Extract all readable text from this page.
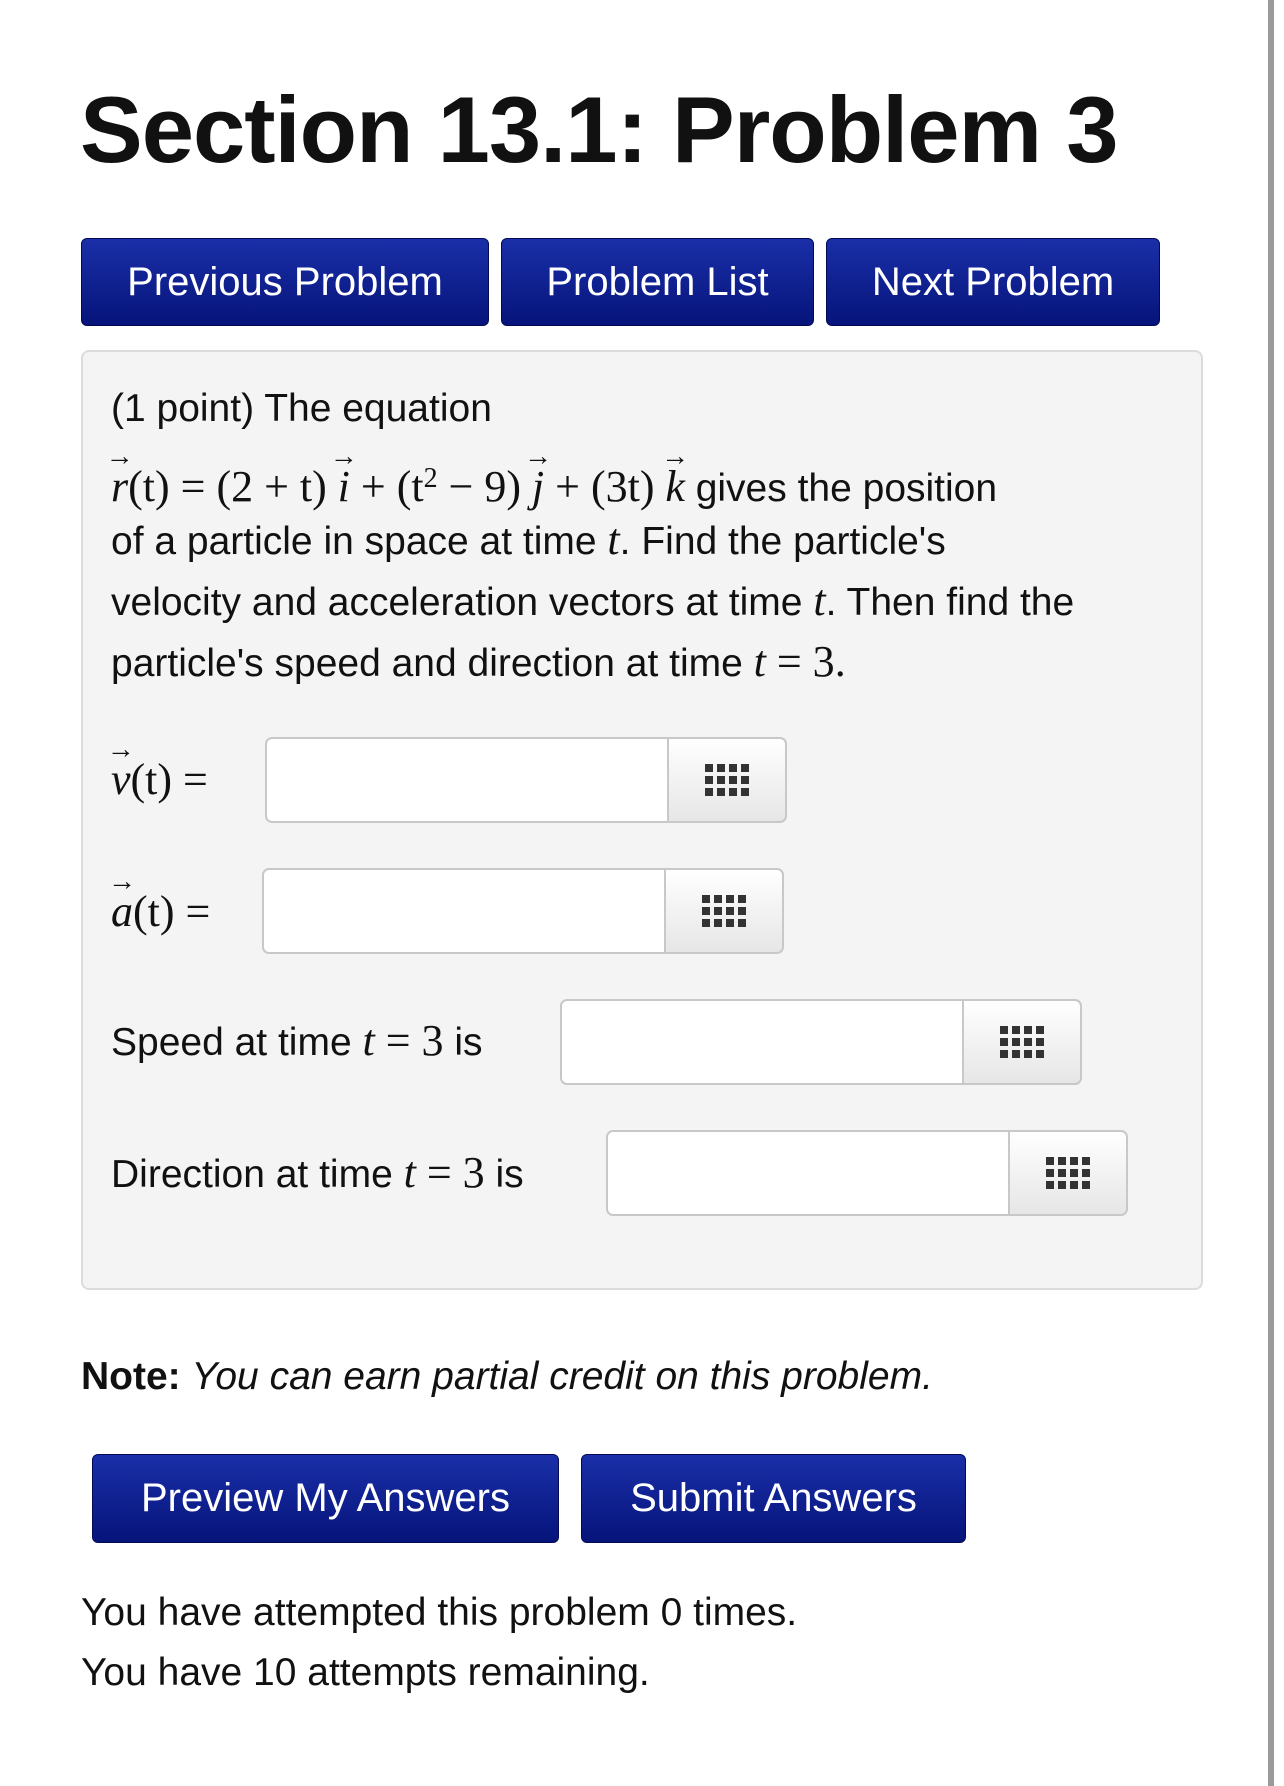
Section 13.1: Problem 3
Previous Problem	Problem List	Next Problem

(1 point) The equation

→ $r(t) = (2 + t) \to i + (t^2 - 9) \to j + (3t) \to k$ gives the position

of a particle in space at time t. Find the particle's

velocity and acceleration vectors at time t. Then find the

particle's speed and direction at time t = 3.

→ v(t) =
→ a(t) =
Speed at time t = 3 is
Direction at time t = 3 is
Note: You can earn partial credit on this problem.
Preview My Answers	Submit Answers
You have attempted this problem 0 times.
You have 10 attempts remaining.
